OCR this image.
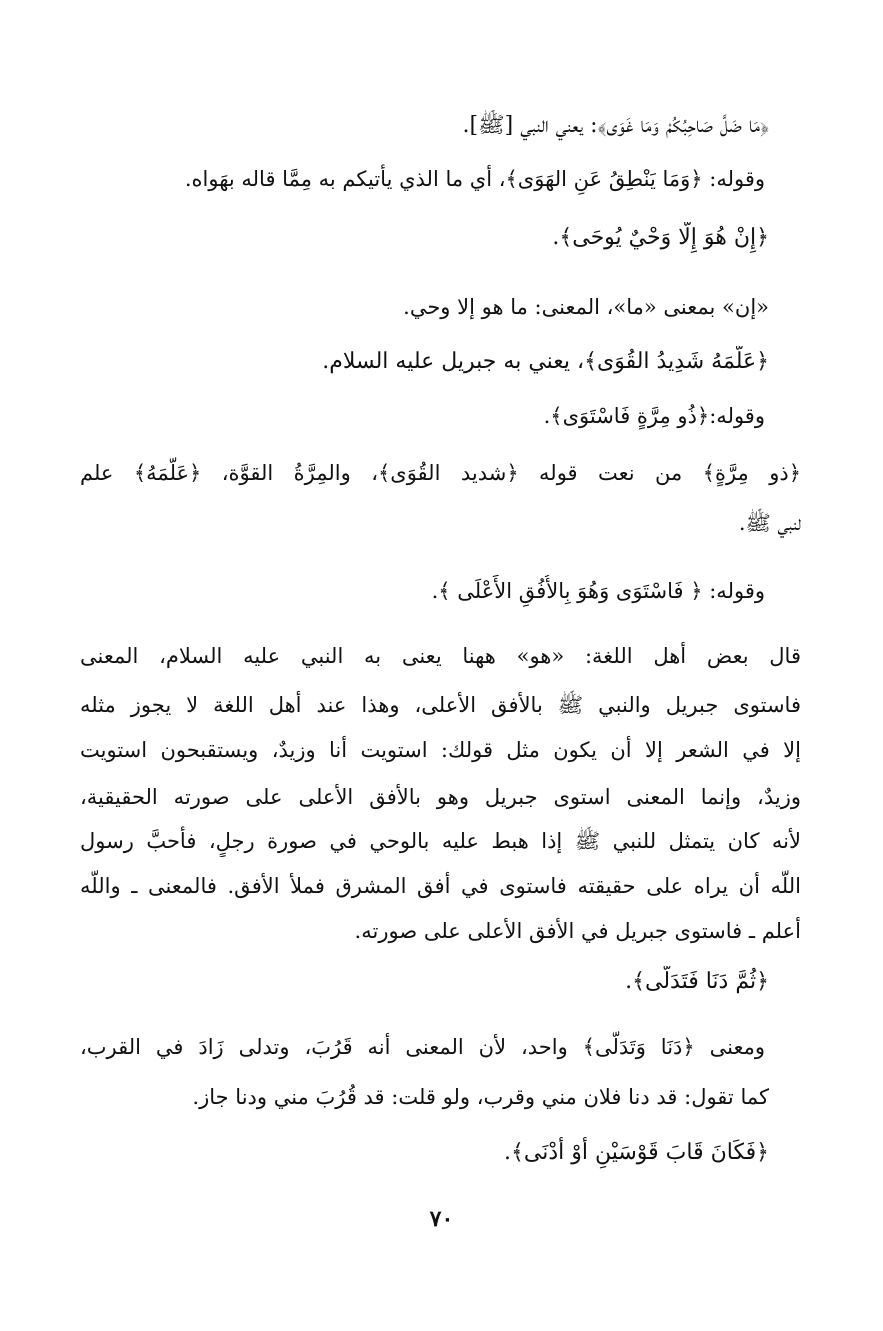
﴿مَا ضَلَّ صَاحِبُكُمْ وَمَا غَوَى﴾: يعني النبي [ﷺ].
وقوله: ﴿وَمَا يَنْطِقُ عَنِ الهَوَى﴾، أي ما الذي يأتيكم به مِمَّا قاله بهَواه.
﴿إِنْ هُوَ إِلَّا وَحْيٌ يُوحَى﴾.
«إن» بمعنى «ما»، المعنى: ما هو إلا وحي.
﴿عَلَّمَهُ شَدِيدُ القُوَى﴾، يعني به جبريل عليه السلام.
وقوله:﴿ذُو مِرَّةٍ فَاسْتَوَى﴾.
﴿ذو مِرَّةٍ﴾ من نعت قوله ﴿شديد القُوَى﴾، والمِرَّةُ القوَّة، ﴿عَلَّمَهُ﴾ علم
لنبي ﷺ.
وقوله: ﴿ فَاسْتَوَى وَهُوَ بِالأُفُقِ الأَعْلَى ﴾.
قال بعض أهل اللغة: «هو» ههنا يعنى به النبي عليه السلام، المعنى
فاستوى جبريل والنبي ﷺ بالأفق الأعلى، وهذا عند أهل اللغة لا يجوز مثله
إلا في الشعر إلا أن يكون مثل قولك: استويت أنا وزيدٌ، ويستقبحون استويت
وزيدٌ، وإنما المعنى استوى جبريل وهو بالأفق الأعلى على صورته الحقيقية،
لأنه كان يتمثل للنبي ﷺ إذا هبط عليه بالوحي في صورة رجلٍ، فأحبَّ رسول
اللَّه أن يراه على حقيقته فاستوى في أفق المشرق فملأ الأفق. فالمعنى ـ واللَّه
أعلم ـ فاستوى جبريل في الأفق الأعلى على صورته.
﴿ثُمَّ دَنَا فَتَدَلَّى﴾.
ومعنى ﴿دَنَا وَتَدَلَّى﴾ واحد، لأن المعنى أنه قَرُبَ، وتدلى زَادَ في القرب،
كما تقول: قد دنا فلان مني وقرب، ولو قلت: قد قُرُبَ مني ودنا جاز.
﴿فَكَانَ قَابَ قَوْسَيْنِ أَوْ أَدْنَى﴾.
٧٠
